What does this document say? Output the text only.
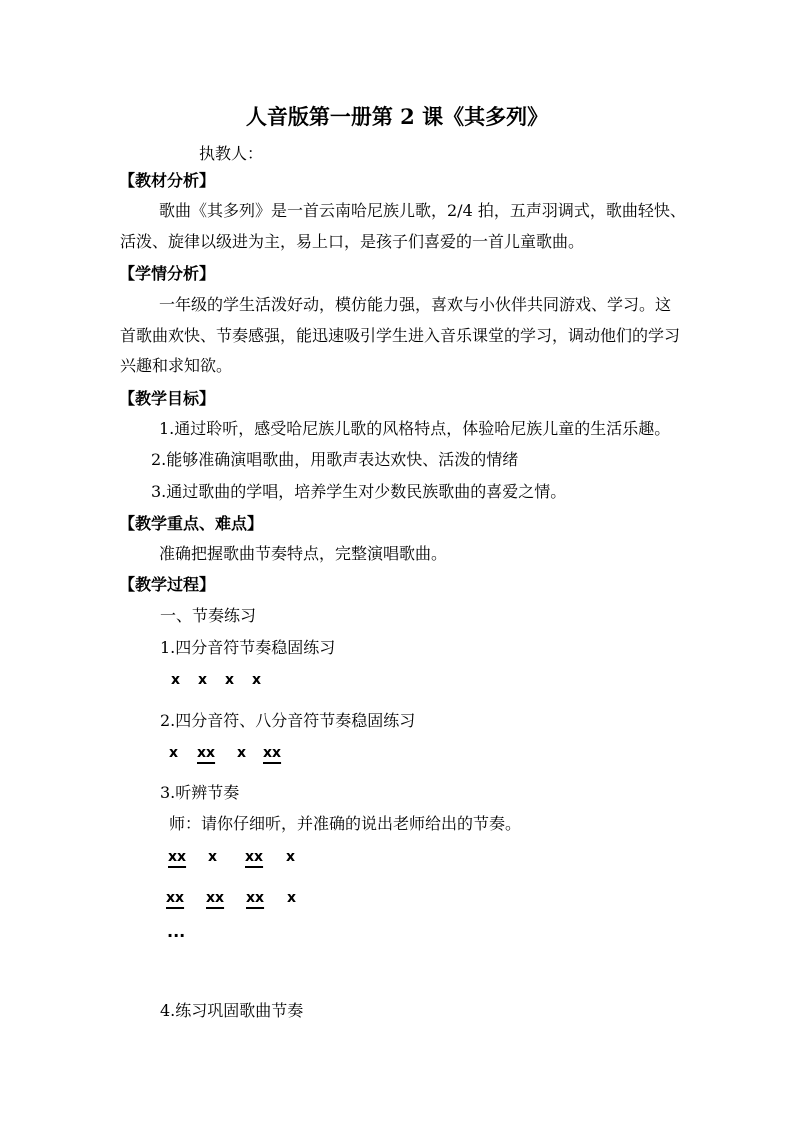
人音版第一册第 2 课《其多列》
执教人：
【教材分析】
歌曲《其多列》是一首云南哈尼族儿歌，2/4 拍，五声羽调式，歌曲轻快、
活泼、旋律以级进为主，易上口，是孩子们喜爱的一首儿童歌曲。
【学情分析】
一年级的学生活泼好动，模仿能力强，喜欢与小伙伴共同游戏、学习。这
首歌曲欢快、节奏感强，能迅速吸引学生进入音乐课堂的学习，调动他们的学习
兴趣和求知欲。
【教学目标】
1.通过聆听，感受哈尼族儿歌的风格特点，体验哈尼族儿童的生活乐趣。
2.能够准确演唱歌曲，用歌声表达欢快、活泼的情绪
3.通过歌曲的学唱，培养学生对少数民族歌曲的喜爱之情。
【教学重点、难点】
准确把握歌曲节奏特点，完整演唱歌曲。
【教学过程】
一、节奏练习
1.四分音符节奏稳固练习
x x x x
2.四分音符、八分音符节奏稳固练习
x xx x xx
3.听辨节奏
师：请你仔细听，并准确的说出老师给出的节奏。
xx x xx x
xx xx xx x
···
4.练习巩固歌曲节奏
